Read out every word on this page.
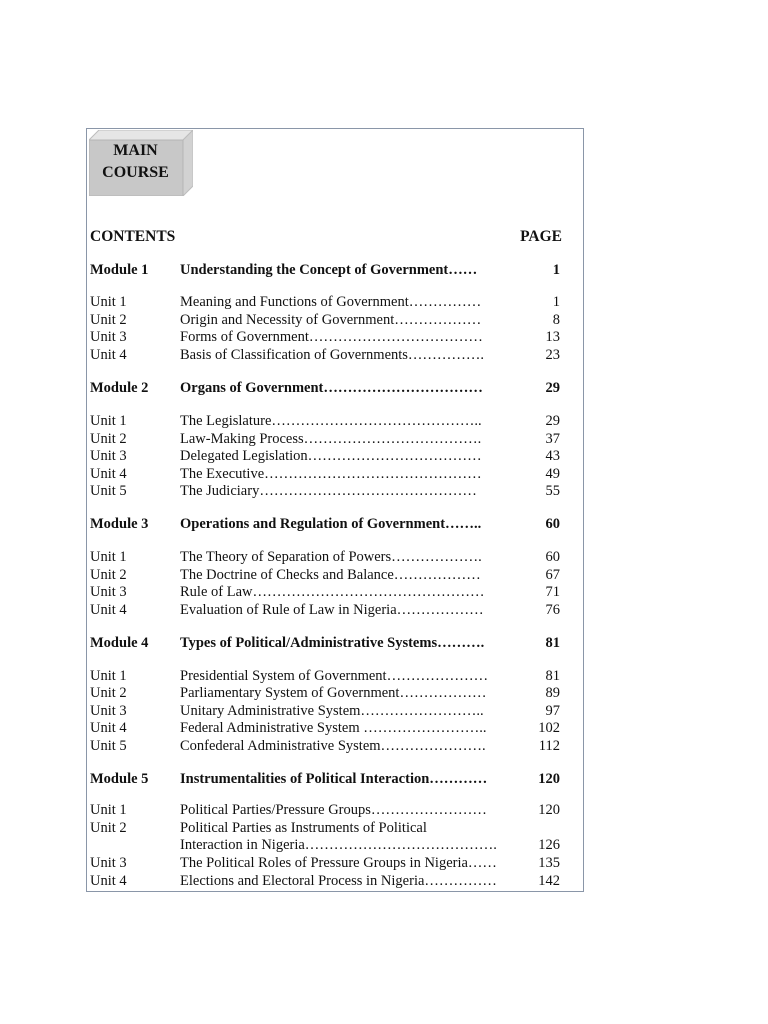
MAIN
COURSE
CONTENTS	PAGE
Module 1 Understanding the Concept of Government……	1
Unit 1	Meaning and Functions of Government……………	1
Unit 2	Origin and Necessity of Government………………	8
Unit 3	Forms of Government………………………………	13
Unit 4	Basis of Classification of Governments…………….	23
Module 2 Organs of Government……………………………	29
Unit 1	The Legislature……………………………………..	29
Unit 2	Law-Making Process……………………………….	37
Unit 3	Delegated Legislation………………………………	43
Unit 4	The Executive………………………………………	49
Unit 5	The Judiciary………………………………………	55
Module 3 Operations and Regulation of Government……..	60
Unit 1	The Theory of Separation of Powers……………….	60
Unit 2	The Doctrine of Checks and Balance………………	67
Unit 3	Rule of Law…………………………………………	71
Unit 4	Evaluation of Rule of Law in Nigeria………………	76
Module 4 Types of Political/Administrative Systems……….	81
Unit 1	Presidential System of Government…………………	81
Unit 2	Parliamentary System of Government………………	89
Unit 3	Unitary Administrative System……………………..	97
Unit 4	Federal Administrative System ……………………..	102
Unit 5	Confederal Administrative System………………….	112
Module 5 Instrumentalities of Political Interaction…………	120
Unit 1	Political Parties/Pressure Groups……………………	120
Unit 2	Political Parties as Instruments of Political
Interaction in Nigeria………………………………….	126
Unit 3	The Political Roles of Pressure Groups in Nigeria……	135
Unit 4	Elections and Electoral Process in Nigeria……………	142
